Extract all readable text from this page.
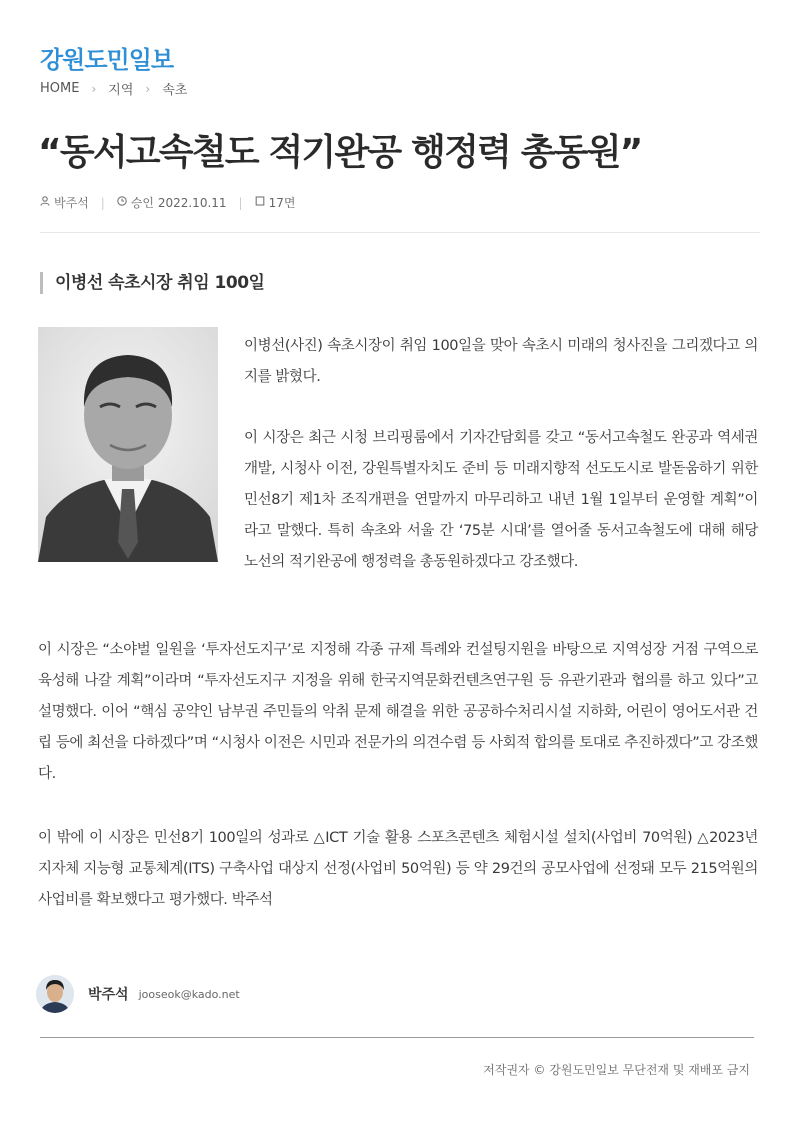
강원도민일보
HOME › 지역 › 속초
“동서고속철도 적기완공 행정력 총동원”
박주석 | 승인 2022.10.11 | 17면
이병선 속초시장 취임 100일

이병선(사진) 속초시장이 취임 100일을 맞아 속초시 미래의 청사진을 그리겠다고 의지를 밝혔다.

이 시장은 최근 시청 브리핑룸에서 기자간담회를 갖고 “동서고속철도 완공과 역세권 개발, 시청사 이전, 강원특별자치도 준비 등 미래지향적 선도도시로 발돋움하기 위한 민선8기 제1차 조직개편을 연말까지 마무리하고 내년 1월 1일부터 운영할 계획”이라고 말했다. 특히 속초와 서울 간 ‘75분 시대’를 열어줄 동서고속철도에 대해 해당 노선의 적기완공에 행정력을 총동원하겠다고 강조했다.

이 시장은 “소야벌 일원을 ‘투자선도지구’로 지정해 각종 규제 특례와 컨설팅지원을 바탕으로 지역성장 거점 구역으로 육성해 나갈 계획”이라며 “투자선도지구 지정을 위해 한국지역문화컨텐츠연구원 등 유관기관과 협의를 하고 있다”고 설명했다. 이어 “핵심 공약인 남부권 주민들의 악취 문제 해결을 위한 공공하수처리시설 지하화, 어린이 영어도서관 건립 등에 최선을 다하겠다”며 “시청사 이전은 시민과 전문가의 의견수렴 등 사회적 합의를 토대로 추진하겠다”고 강조했다.

이 밖에 이 시장은 민선8기 100일의 성과로 △ICT 기술 활용 스포츠콘텐츠 체험시설 설치(사업비 70억원) △2023년 지자체 지능형 교통체계(ITS) 구축사업 대상지 선정(사업비 50억원) 등 약 29건의 공모사업에 선정돼 모두 215억원의 사업비를 확보했다고 평가했다. 박주석

박주석 jooseok@kado.net
저작권자 © 강원도민일보 무단전재 및 재배포 금지
